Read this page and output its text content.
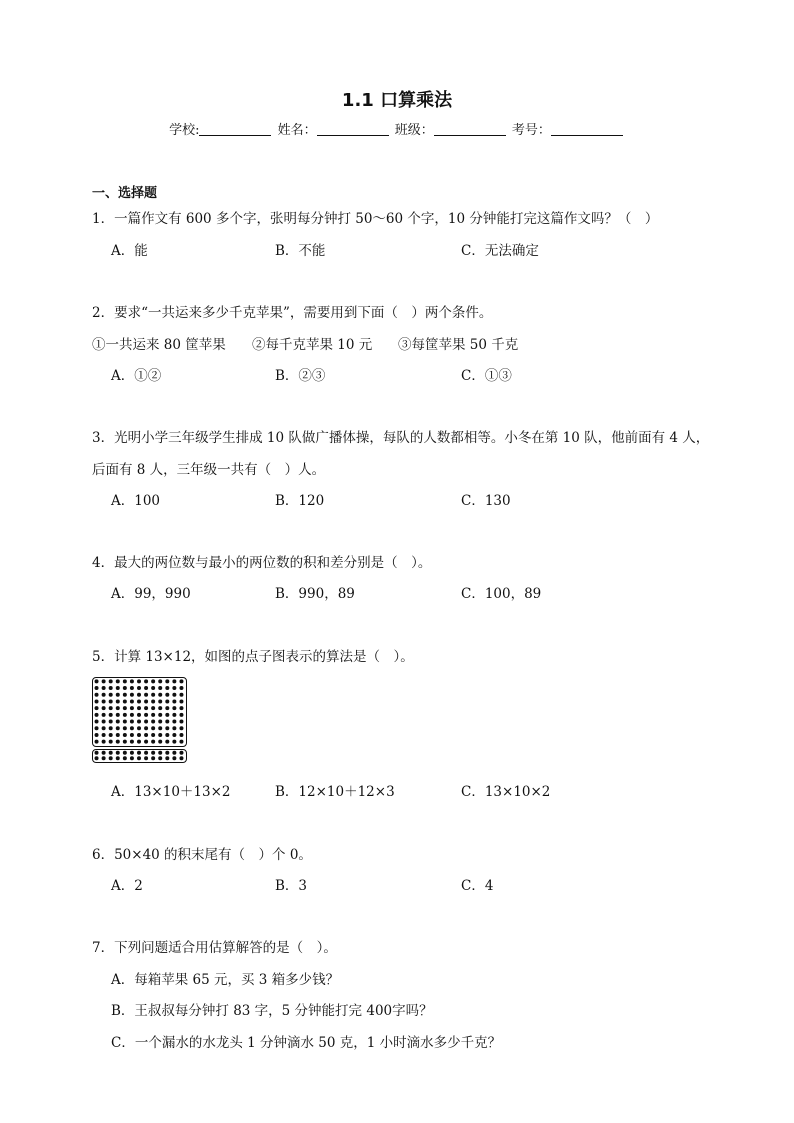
1.1 口算乘法
学校:	姓名：	班级：	考号：
一、选择题
1．一篇作文有 600 多个字，张明每分钟打 50～60 个字，10 分钟能打完这篇作文吗？（　）
A．能	B．不能	C．无法确定
2．要求“一共运来多少千克苹果”，需要用到下面（　）两个条件。
①一共运来 80 筐苹果 ②每千克苹果 10 元 ③每筐苹果 50 千克
A．①②	B．②③	C．①③
3．光明小学三年级学生排成 10 队做广播体操，每队的人数都相等。小冬在第 10 队，他前面有 4 人，
后面有 8 人，三年级一共有（　）人。
A．100	B．120	C．130
4．最大的两位数与最小的两位数的积和差分别是（　）。
A．99，990	B．990，89	C．100，89
5．计算 13×12，如图的点子图表示的算法是（　）。
A．13×10＋13×2	B．12×10＋12×3	C．13×10×2
6．50×40 的积末尾有（　）个 0。
A．2	B．3	C．4
7．下列问题适合用估算解答的是（　）。
A．每箱苹果 65 元，买 3 箱多少钱？
B．王叔叔每分钟打 83 字，5 分钟能打完 400字吗？
C．一个漏水的水龙头 1 分钟滴水 50 克，1 小时滴水多少千克？
